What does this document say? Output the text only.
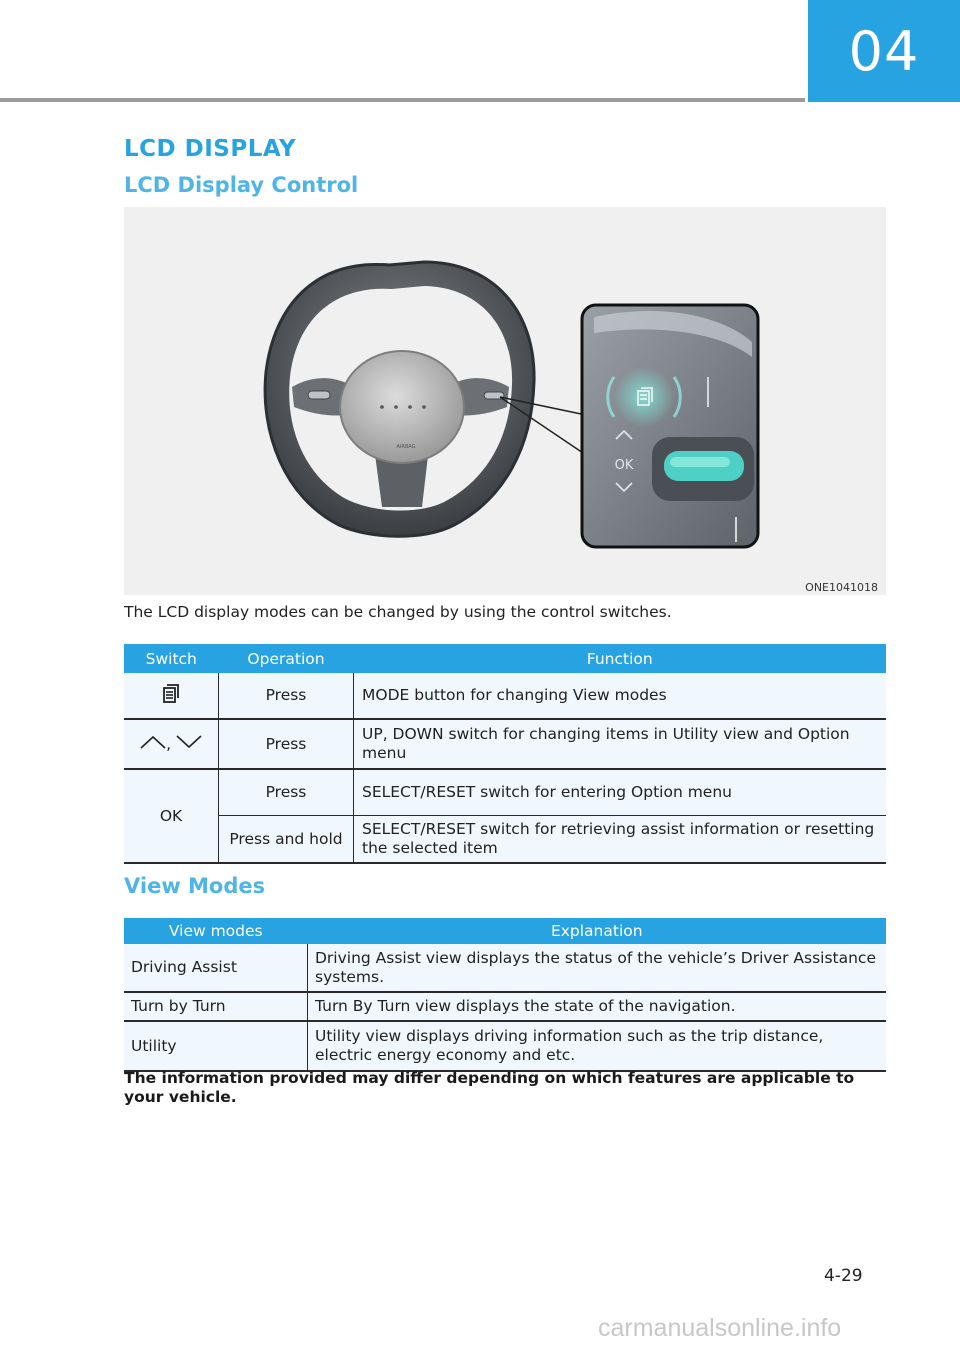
04
LCD DISPLAY
LCD Display Control
AIRBAG
OK
ONE1041018
The LCD display modes can be changed by using the control switches.
Switch	Operation	Function
	Press	MODE button for changing View modes
,	Press	UP, DOWN switch for changing items in Utility view and Option menu
OK	Press	SELECT/RESET switch for entering Option menu
	Press and hold	SELECT/RESET switch for retrieving assist information or resetting the selected item
View Modes
View modes	Explanation
Driving Assist	Driving Assist view displays the status of the vehicle’s Driver Assistance systems.
Turn by Turn	Turn By Turn view displays the state of the navigation.
Utility	Utility view displays driving information such as the trip distance, electric energy economy and etc.
The information provided may differ depending on which features are applicable to your vehicle.
4-29
carmanualsonline.info
